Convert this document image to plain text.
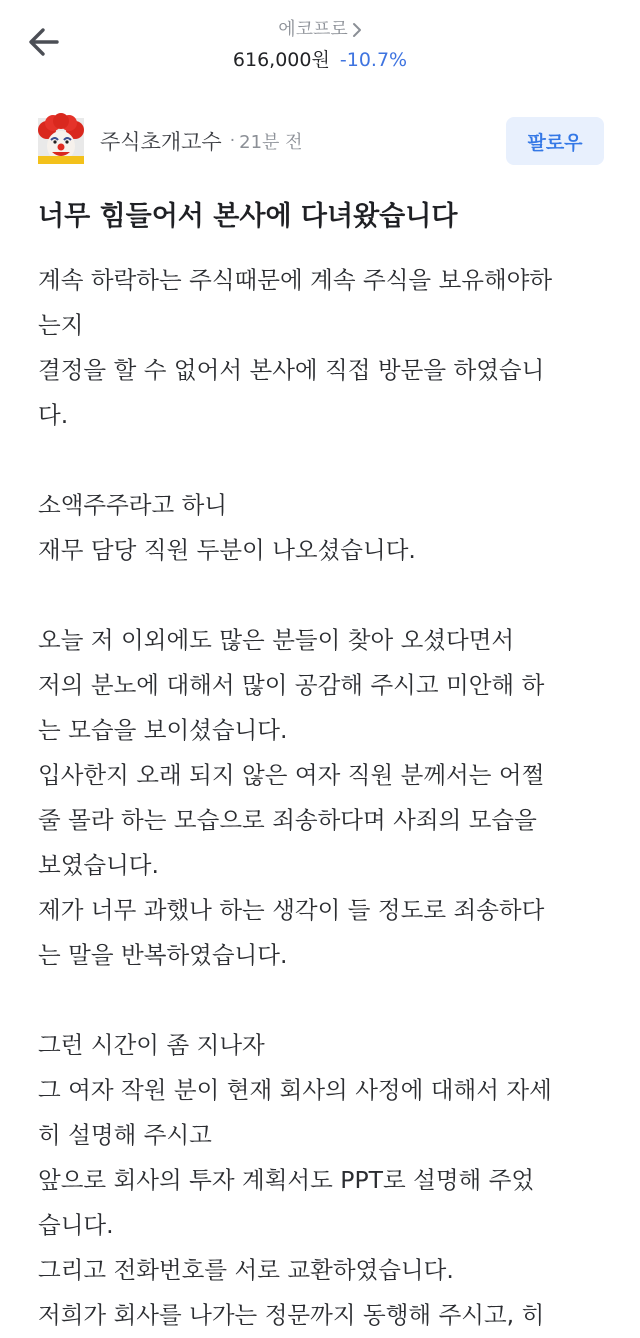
에코프로
616,000원 -10.7%
주식초개고수 · 21분 전	팔로우
너무 힘들어서 본사에 다녀왔습니다
계속 하락하는 주식때문에 계속 주식을 보유해야하
는지
결정을 할 수 없어서 본사에 직접 방문을 하였습니
다.
소액주주라고 하니
재무 담당 직원 두분이 나오셨습니다.
오늘 저 이외에도 많은 분들이 찾아 오셨다면서
저의 분노에 대해서 많이 공감해 주시고 미안해 하
는 모습을 보이셨습니다.
입사한지 오래 되지 않은 여자 직원 분께서는 어쩔
줄 몰라 하는 모습으로 죄송하다며 사죄의 모습을
보였습니다.
제가 너무 과했나 하는 생각이 들 정도로 죄송하다
는 말을 반복하였습니다.
그런 시간이 좀 지나자
그 여자 작원 분이 현재 회사의 사정에 대해서 자세
히 설명해 주시고
앞으로 회사의 투자 계획서도 PPT로 설명해 주었
습니다.
그리고 전화번호를 서로 교환하였습니다.
저희가 회사를 나가는 정문까지 동행해 주시고, 히
